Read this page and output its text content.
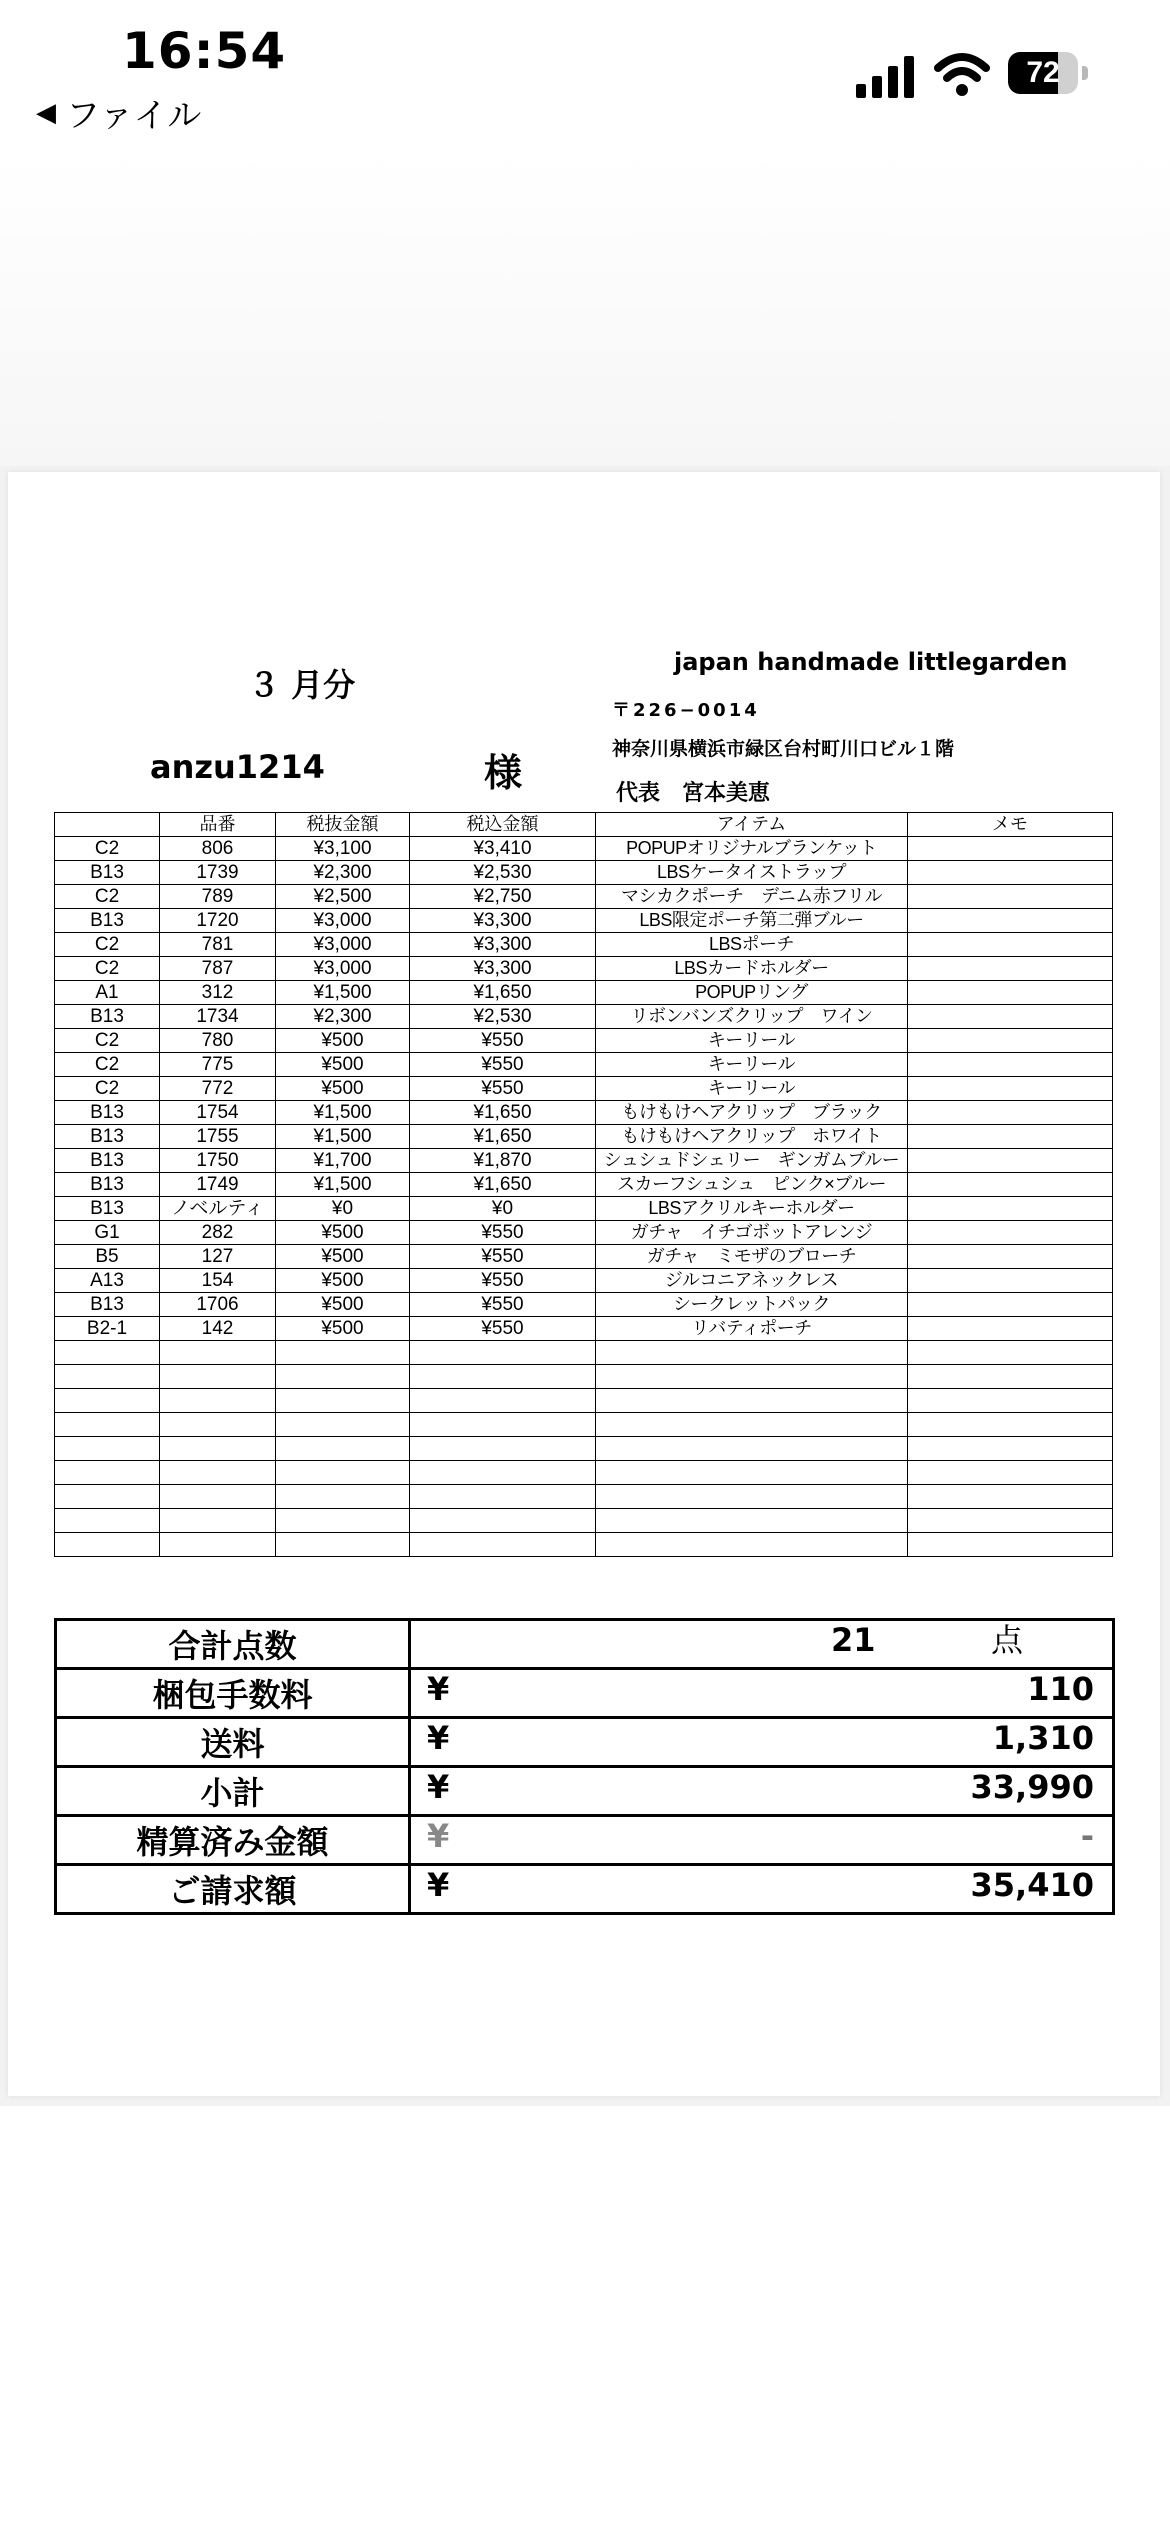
16:54
◀ ファイル
72
３ 月分
anzu1214	様
japan handmade littlegarden
〒226−0014
神奈川県横浜市緑区台村町川口ビル１階
代表　宮本美恵
	品番	税抜金額	税込金額	アイテム	メモ
C2	806	¥3,100	¥3,410	POPUPオリジナルブランケット	
B13	1739	¥2,300	¥2,530	LBSケータイストラップ	
C2	789	¥2,500	¥2,750	マシカクポーチ　デニム赤フリル	
B13	1720	¥3,000	¥3,300	LBS限定ポーチ第二弾ブルー	
C2	781	¥3,000	¥3,300	LBSポーチ	
C2	787	¥3,000	¥3,300	LBSカードホルダー	
A1	312	¥1,500	¥1,650	POPUPリング	
B13	1734	¥2,300	¥2,530	リボンバンズクリップ　ワイン	
C2	780	¥500	¥550	キーリール	
C2	775	¥500	¥550	キーリール	
C2	772	¥500	¥550	キーリール	
B13	1754	¥1,500	¥1,650	もけもけヘアクリップ　ブラック	
B13	1755	¥1,500	¥1,650	もけもけヘアクリップ　ホワイト	
B13	1750	¥1,700	¥1,870	シュシュドシェリー　ギンガムブルー	
B13	1749	¥1,500	¥1,650	スカーフシュシュ　ピンク×ブルー	
B13	ノベルティ	¥0	¥0	LBSアクリルキーホルダー	
G1	282	¥500	¥550	ガチャ　イチゴボットアレンジ	
B5	127	¥500	¥550	ガチャ　ミモザのブローチ	
A13	154	¥500	¥550	ジルコニアネックレス	
B13	1706	¥500	¥550	シークレットパック	
B2-1	142	¥500	¥550	リバティポーチ	

合計点数	21 点

梱包手数料	¥ 110

送料	¥ 1,310

小計	¥ 33,990

精算済み金額	¥ -

ご請求額	¥ 35,410
